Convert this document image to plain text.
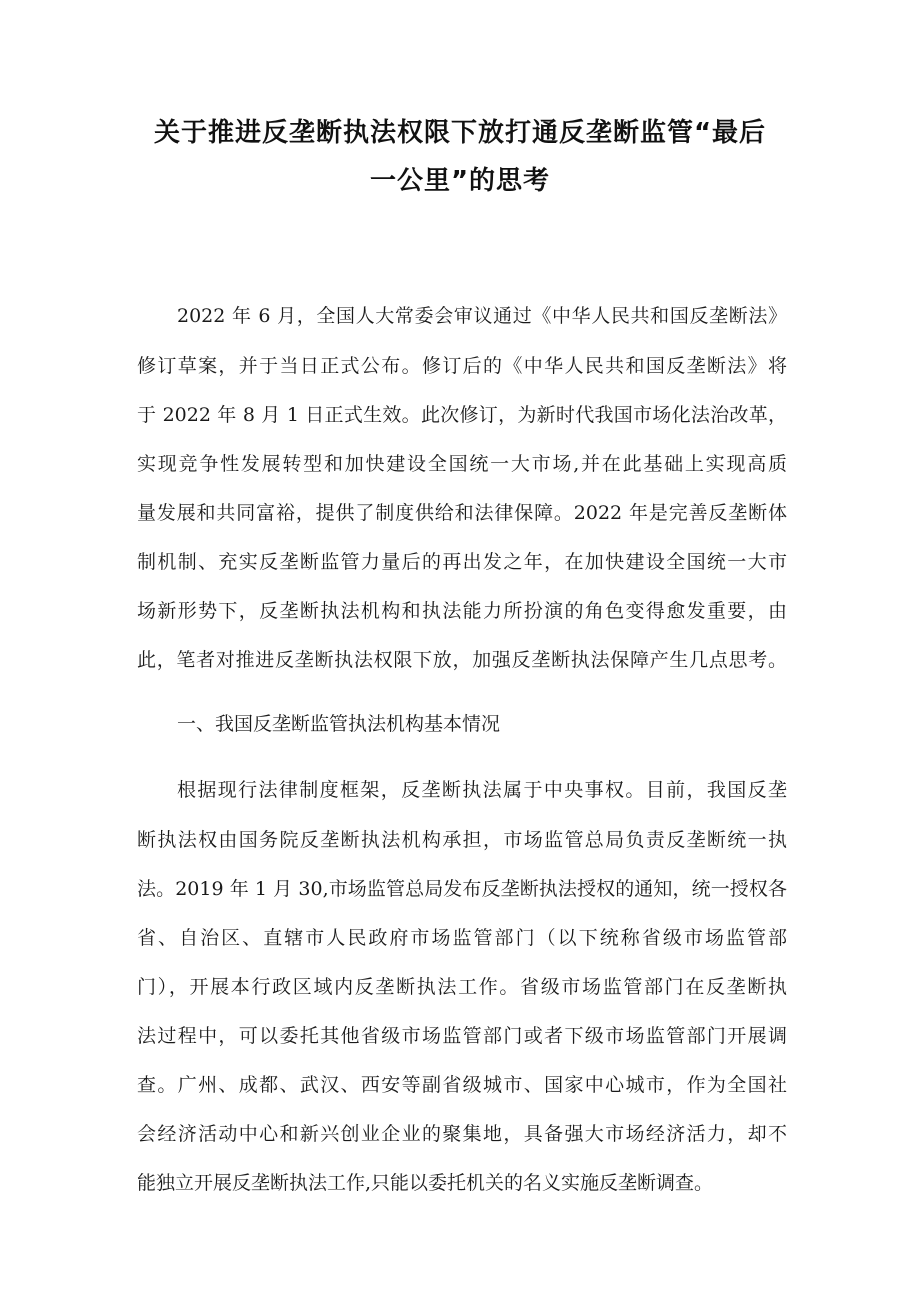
关于推进反垄断执法权限下放打通反垄断监管“最后
一公里”的思考
2022 年 6 月，全国人大常委会审议通过《中华人民共和国反垄断法》
修订草案，并于当日正式公布。修订后的《中华人民共和国反垄断法》将
于 2022 年 8 月 1 日正式生效。此次修订，为新时代我国市场化法治改革，
实现竞争性发展转型和加快建设全国统一大市场,并在此基础上实现高质
量发展和共同富裕，提供了制度供给和法律保障。2022 年是完善反垄断体
制机制、充实反垄断监管力量后的再出发之年，在加快建设全国统一大市
场新形势下，反垄断执法机构和执法能力所扮演的角色变得愈发重要，由
此，笔者对推进反垄断执法权限下放，加强反垄断执法保障产生几点思考。
一、我国反垄断监管执法机构基本情况
根据现行法律制度框架，反垄断执法属于中央事权。目前，我国反垄
断执法权由国务院反垄断执法机构承担，市场监管总局负责反垄断统一执
法。2019 年 1 月 30,市场监管总局发布反垄断执法授权的通知，统一授权各
省、自治区、直辖市人民政府市场监管部门（以下统称省级市场监管部
门），开展本行政区域内反垄断执法工作。省级市场监管部门在反垄断执
法过程中，可以委托其他省级市场监管部门或者下级市场监管部门开展调
查。广州、成都、武汉、西安等副省级城市、国家中心城市，作为全国社
会经济活动中心和新兴创业企业的聚集地，具备强大市场经济活力，却不
能独立开展反垄断执法工作,只能以委托机关的名义实施反垄断调查。
